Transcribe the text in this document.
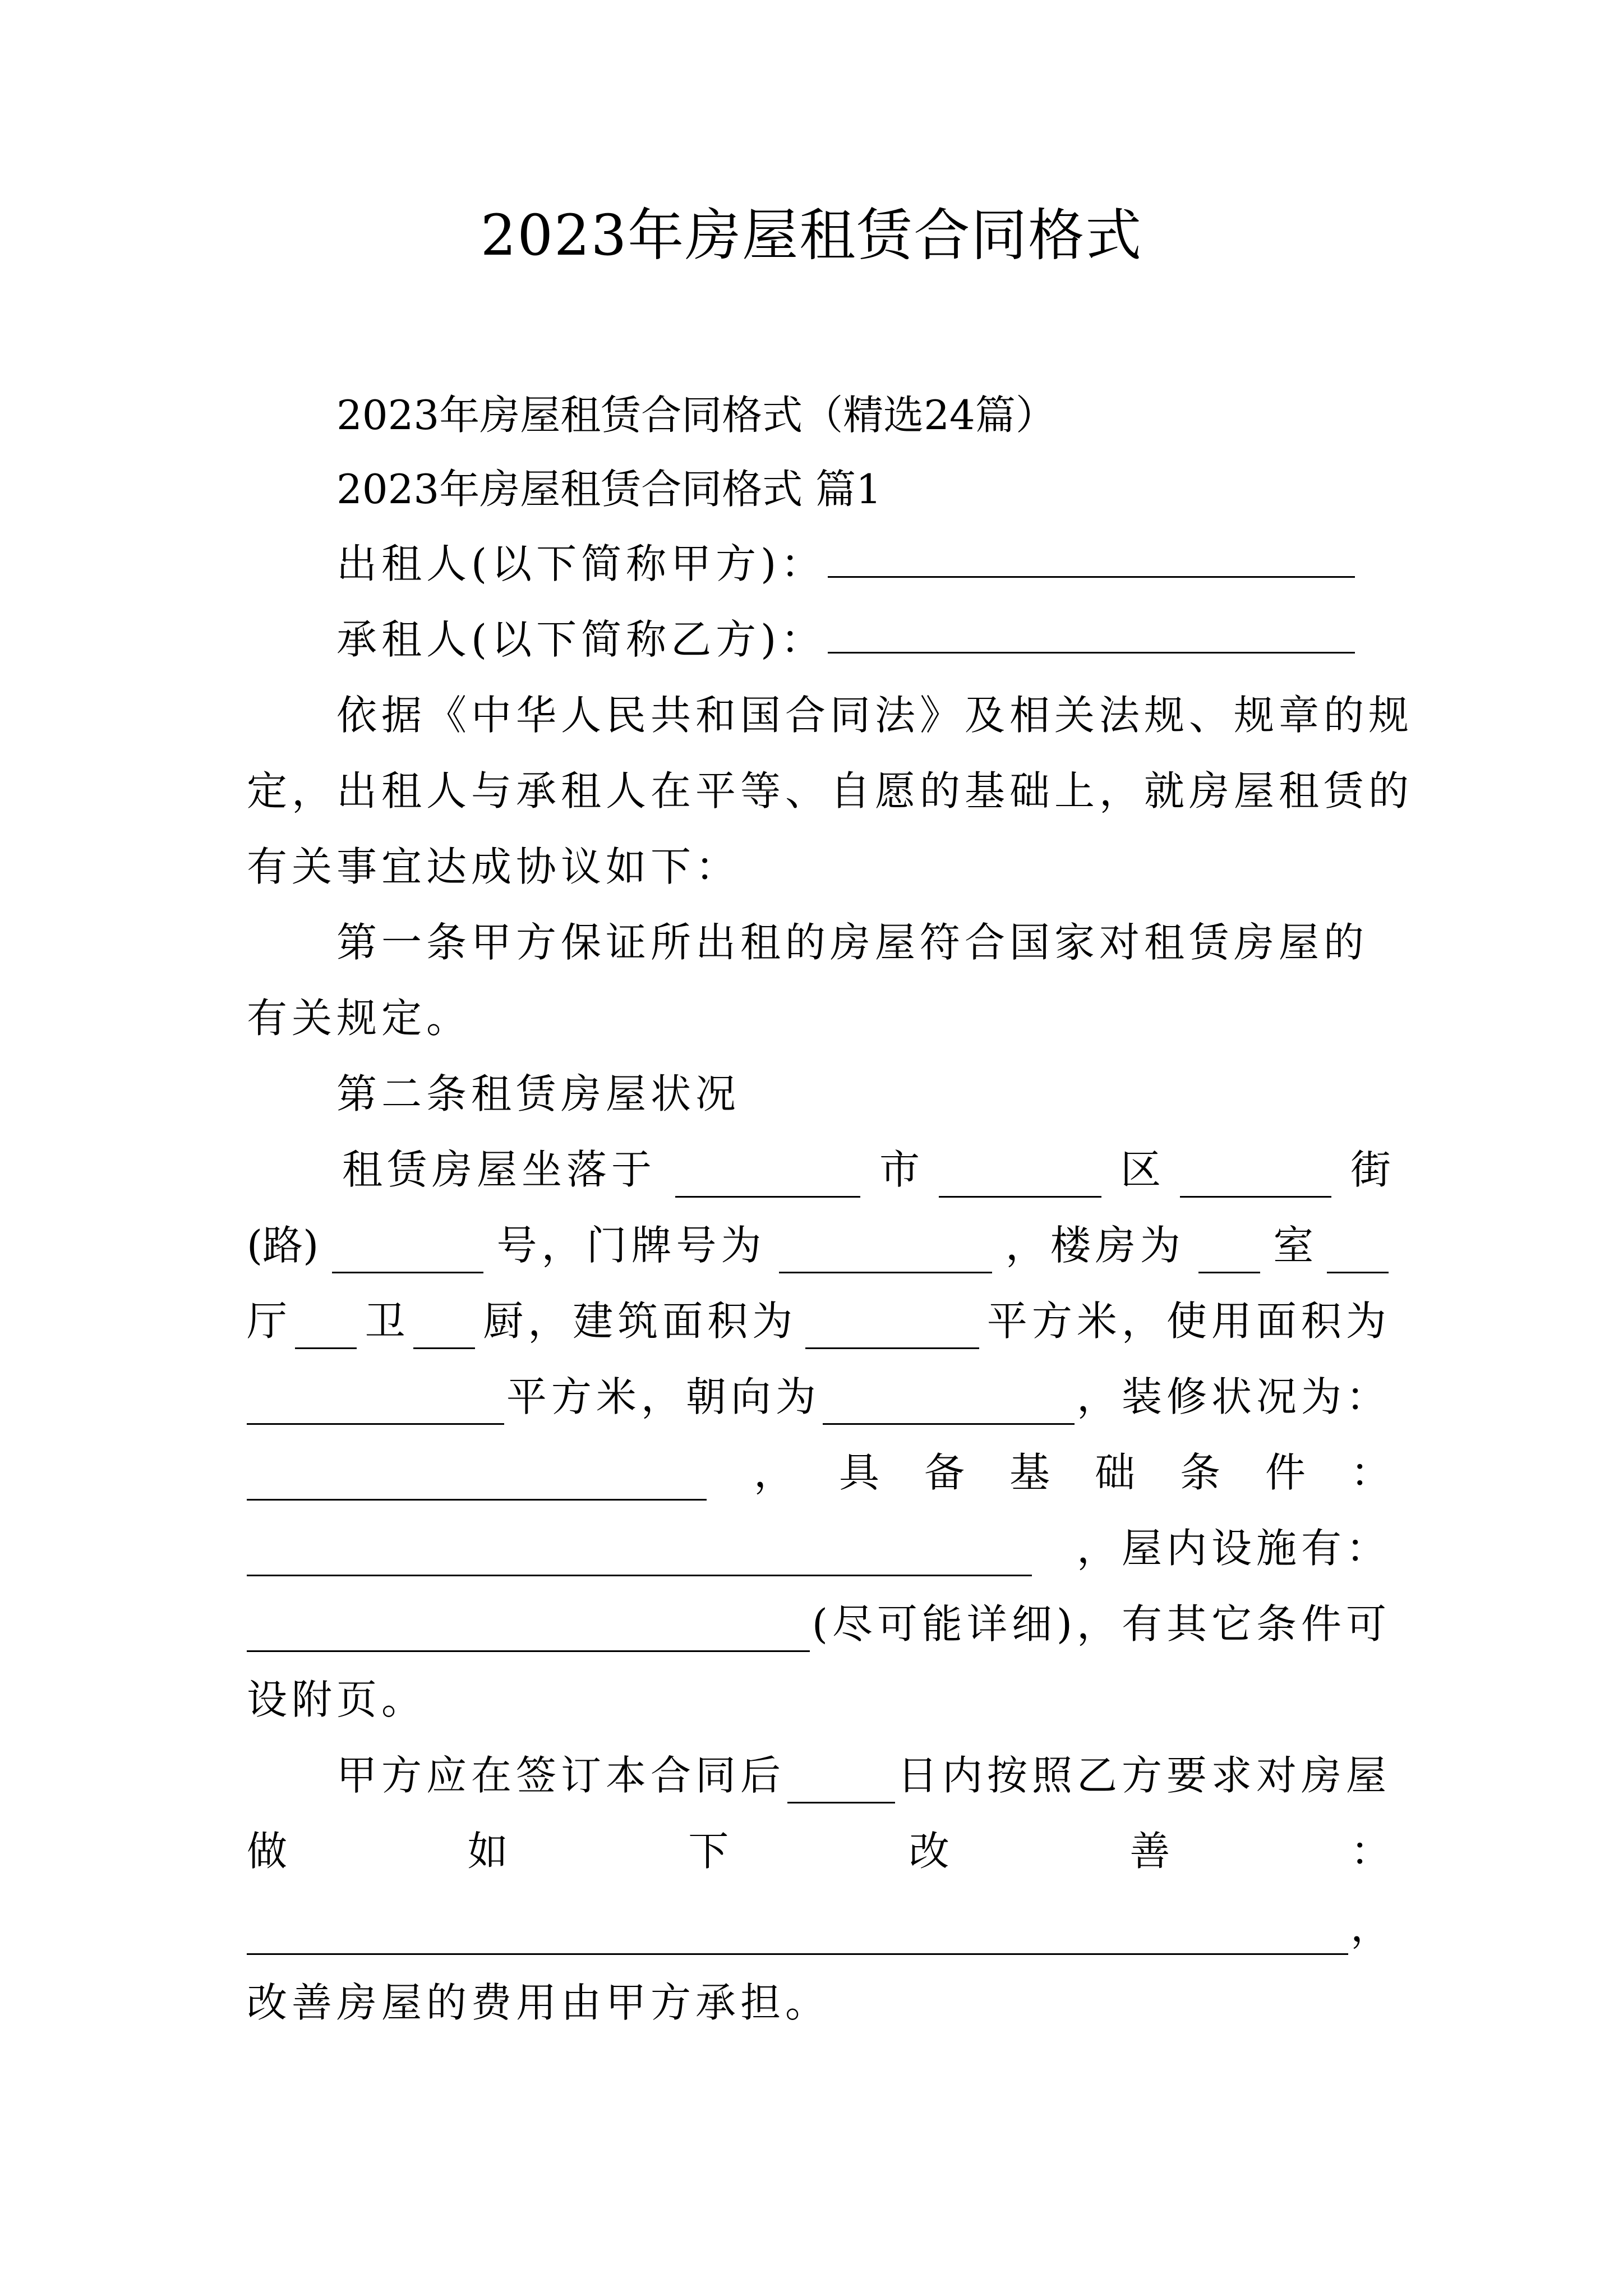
2023年房屋租赁合同格式
2023年房屋租赁合同格式（精选24篇）
2023年房屋租赁合同格式 篇1
出租人(以下简称甲方)：
承租人(以下简称乙方)：
依据《中华人民共和国合同法》及相关法规、规章的规
定，出租人与承租人在平等、自愿的基础上，就房屋租赁的
有关事宜达成协议如下：
第一条甲方保证所出租的房屋符合国家对租赁房屋的
有关规定。
第二条租赁房屋状况
租赁房屋坐落于	市	区	街
(路)	号，门牌号为	，楼房为 室
厅 卫 厨，建筑面积为	平方米，使用面积为
平方米，朝向为	，装修状况为：
， 具 备 基 础 条 件 ：
，屋内设施有：
(尽可能详细)，有其它条件可
设附页。
甲方应在签订本合同后	日内按照乙方要求对房屋
做	如	下	改	善	：
，
改善房屋的费用由甲方承担。
